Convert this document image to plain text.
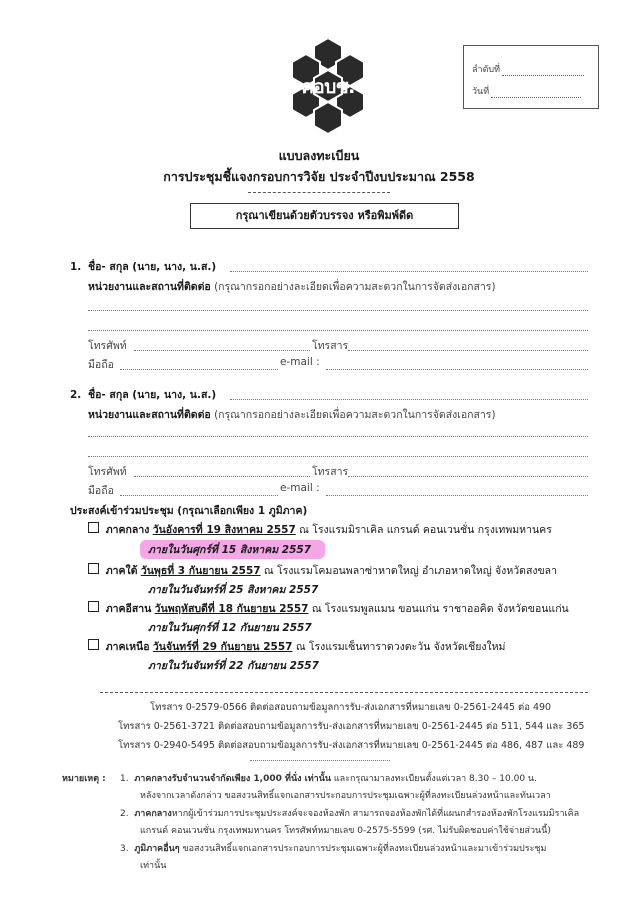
คอบช.
ลำดับที่
วันที่
แบบลงทะเบียน
การประชุมชี้แจงกรอบการวิจัย ประจำปีงบประมาณ 2558
กรุณาเขียนด้วยตัวบรรจง หรือพิมพ์ดีด
1. ชื่อ- สกุล (นาย, นาง, น.ส.)
หน่วยงานและสถานที่ติดต่อ (กรุณากรอกอย่างละเอียดเพื่อความสะดวกในการจัดส่งเอกสาร)
โทรศัพท์	โทรสาร
มือถือ	e-mail :
2. ชื่อ- สกุล (นาย, นาง, น.ส.)
หน่วยงานและสถานที่ติดต่อ (กรุณากรอกอย่างละเอียดเพื่อความสะดวกในการจัดส่งเอกสาร)
โทรศัพท์	โทรสาร
มือถือ	e-mail :
ประสงค์เข้าร่วมประชุม (กรุณาเลือกเพียง 1 ภูมิภาค)
ภาคกลาง วันอังคารที่ 19 สิงหาคม 2557 ณ โรงแรมมิราเคิล แกรนด์ คอนเวนชั่น กรุงเทพมหานคร
ภายในวันศุกร์ที่ 15 สิงหาคม 2557
ภาคใต้ วันพุธที่ 3 กันยายน 2557 ณ โรงแรมโคมอนพลาซ่าหาดใหญ่ อำเภอหาดใหญ่ จังหวัดสงขลา
ภายในวันจันทร์ที่ 25 สิงหาคม 2557
ภาคอีสาน วันพฤหัสบดีที่ 18 กันยายน 2557 ณ โรงแรมพูลแมน ขอนแก่น ราชาออคิด จังหวัดขอนแก่น
ภายในวันศุกร์ที่ 12 กันยายน 2557
ภาคเหนือ วันจันทร์ที่ 29 กันยายน 2557 ณ โรงแรมเซ็นทาราดวงตะวัน จังหวัดเชียงใหม่
ภายในวันจันทร์ที่ 22 กันยายน 2557
โทรสาร 0-2579-0566 ติดต่อสอบถามข้อมูลการรับ-ส่งเอกสารที่หมายเลข 0-2561-2445 ต่อ 490
โทรสาร 0-2561-3721 ติดต่อสอบถามข้อมูลการรับ-ส่งเอกสารที่หมายเลข 0-2561-2445 ต่อ 511, 544 และ 365
โทรสาร 0-2940-5495 ติดต่อสอบถามข้อมูลการรับ-ส่งเอกสารที่หมายเลข 0-2561-2445 ต่อ 486, 487 และ 489
หมายเหตุ : 1. ภาคกลางรับจำนวนจำกัดเพียง 1,000 ที่นั่ง เท่านั้น และกรุณามาลงทะเบียนตั้งแต่เวลา 8.30 – 10.00 น.
หลังจากเวลาดังกล่าว ขอสงวนสิทธิ์แจกเอกสารประกอบการประชุมเฉพาะผู้ที่ลงทะเบียนล่วงหน้าและทันเวลา
2. ภาคกลางหากผู้เข้าร่วมการประชุมประสงค์จะจองห้องพัก สามารถจองห้องพักได้ที่แผนกสำรองห้องพักโรงแรมมิราเคิล
แกรนด์ คอนเวนชั่น กรุงเทพมหานคร โทรศัพท์หมายเลข 0-2575-5599 (รศ. ไม่รับผิดชอบค่าใช้จ่ายส่วนนี้)
3. ภูมิภาคอื่นๆ ขอสงวนสิทธิ์แจกเอกสารประกอบการประชุมเฉพาะผู้ที่ลงทะเบียนล่วงหน้าและมาเข้าร่วมประชุม
เท่านั้น
